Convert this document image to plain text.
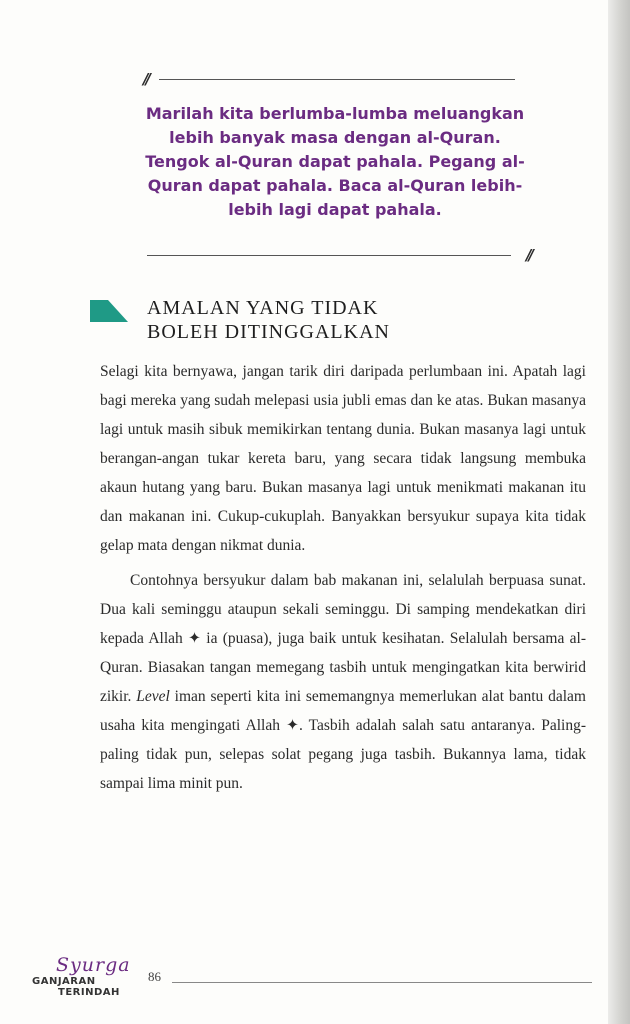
//
Marilah kita berlumba-lumba meluangkan lebih banyak masa dengan al-Quran. Tengok al-Quran dapat pahala. Pegang al-Quran dapat pahala. Baca al-Quran lebih-lebih lagi dapat pahala.
//
AMALAN YANG TIDAK
BOLEH DITINGGALKAN

Selagi kita bernyawa, jangan tarik diri daripada perlumbaan ini. Apatah lagi bagi mereka yang sudah melepasi usia jubli emas dan ke atas. Bukan masanya lagi untuk masih sibuk memikirkan tentang dunia. Bukan masanya lagi untuk berangan-angan tukar kereta baru, yang secara tidak langsung membuka akaun hutang yang baru. Bukan masanya lagi untuk menikmati makanan itu dan makanan ini. Cukup-cukuplah. Banyakkan bersyukur supaya kita tidak gelap mata dengan nikmat dunia.

Contohnya bersyukur dalam bab makanan ini, selalulah berpuasa sunat. Dua kali seminggu ataupun sekali seminggu. Di samping mendekatkan diri kepada Allah ✦ ia (puasa), juga baik untuk kesihatan. Selalulah bersama al-Quran. Biasakan tangan memegang tasbih untuk mengingatkan kita berwirid zikir. Level iman seperti kita ini sememangnya memerlukan alat bantu dalam usaha kita mengingati Allah ✦. Tasbih adalah salah satu antaranya. Paling-paling tidak pun, selepas solat pegang juga tasbih. Bukannya lama, tidak sampai lima minit pun.

Syurga
GANJARAN
TERINDAH
86
